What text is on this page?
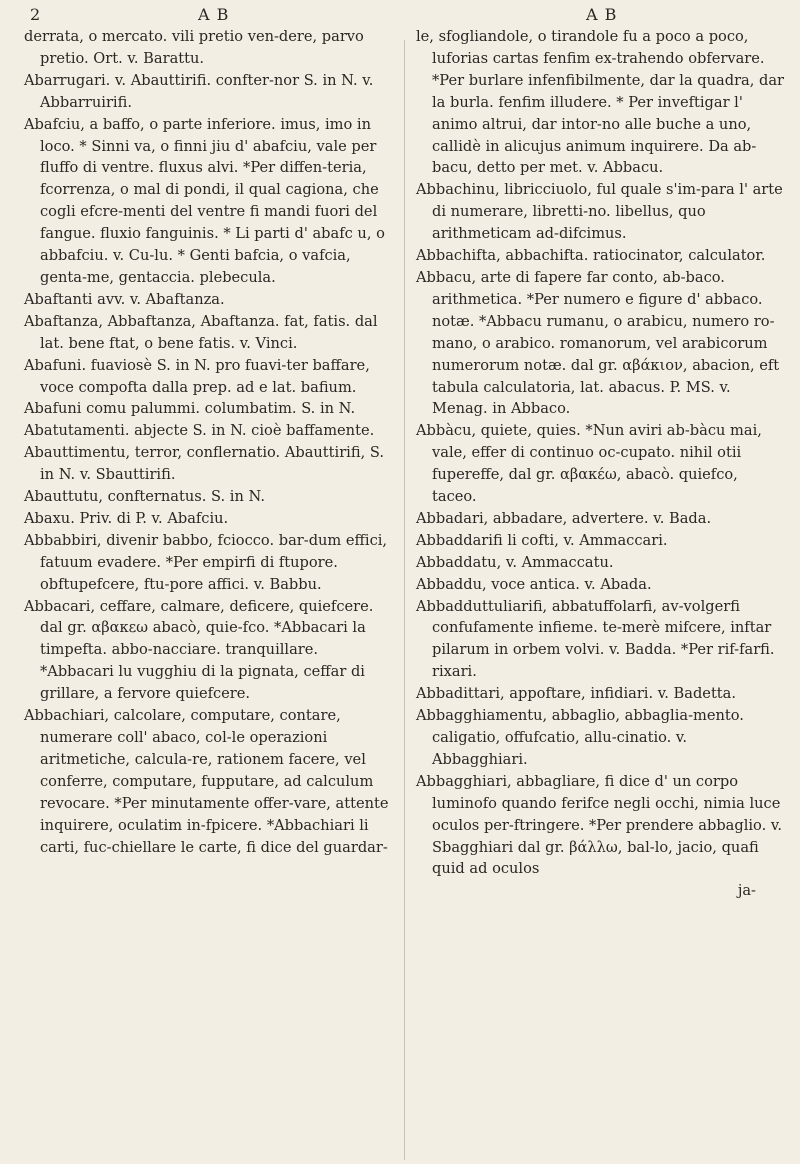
2	A B	A B

derrata, o mercato. vili pretio ven-dere, parvo pretio. Ort. v. Barattu.

Abarrugari. v. Abauttirifi. confter-nor S. in N. v. Abbarruirifi.

Abafciu, a baffo, o parte inferiore. imus, imo in loco. * Sinni va, o finni jiu d' abafciu, vale per fluffo di ventre. fluxus alvi. *Per diffen-teria, fcorrenza, o mal di pondi, il qual cagiona, che cogli efcre-menti del ventre fi mandi fuori del fangue. fluxio fanguinis. * Li parti d' abafc u, o abbafciu. v. Cu-lu. * Genti bafcia, o vafcia, genta-me, gentaccia. plebecula.

Abaftanti avv. v. Abaftanza.

Abaftanza, Abbaftanza, Abaftanza. fat, fatis. dal lat. bene ftat, o bene fatis. v. Vinci.

Abafuni. fuaviosè S. in N. pro fuavi-ter baffare, voce compofta dalla prep. ad e lat. bafium.

Abafuni comu palummi. columbatim. S. in N.

Abatutamenti. abjecte S. in N. cioè baffamente.

Abauttimentu, terror, conflernatio. Abauttirifi, S. in N. v. Sbauttirifi.

Abauttutu, confternatus. S. in N.

Abaxu. Priv. di P. v. Abafciu.

Abbabbiri, divenir babbo, fciocco. bar-dum effici, fatuum evadere. *Per empirfi di ftupore. obftupefcere, ftu-pore affici. v. Babbu.

Abbacari, ceffare, calmare, deficere, quiefcere. dal gr. αβακεω abacò, quie-fco. *Abbacari la timpefta. abbo-nacciare. tranquillare. *Abbacari lu vugghiu di la pignata, ceffar di grillare, a fervore quiefcere.

Abbachiari, calcolare, computare, contare, numerare coll' abaco, col-le operazioni aritmetiche, calcula-re, rationem facere, vel conferre, computare, fupputare, ad calculum revocare. *Per minutamente offer-vare, attente inquirere, oculatim in-fpicere. *Abbachiari li carti, fuc-chiellare le carte, fi dice del guardar-

le, sfogliandole, o tirandole fu a poco a poco, luforias cartas fenfim ex-trahendo obfervare. *Per burlare infenfibilmente, dar la quadra, dar la burla. fenfim illudere. * Per inveftigar l' animo altrui, dar intor-no alle buche a uno, callidè in alicujus animum inquirere. Da ab-bacu, detto per met. v. Abbacu.

Abbachinu, libricciuolo, ful quale s'im-para l' arte di numerare, libretti-no. libellus, quo arithmeticam ad-difcimus.

Abbachifta, abbachifta. ratiocinator, calculator.

Abbacu, arte di fapere far conto, ab-baco. arithmetica. *Per numero e figure d' abbaco. notæ. *Abbacu rumanu, o arabicu, numero ro-mano, o arabico. romanorum, vel arabicorum numerorum notæ. dal gr. αβάκιον, abacion, eft tabula calculatoria, lat. abacus. P. MS. v. Menag. in Abbaco.

Abbàcu, quiete, quies. *Nun aviri ab-bàcu mai, vale, effer di continuo oc-cupato. nihil otii fupereffe, dal gr. αβακέω, abacò. quiefco, taceo.

Abbadari, abbadare, advertere. v. Bada.

Abbaddarifi li cofti, v. Ammaccari.

Abbaddatu, v. Ammaccatu.

Abbaddu, voce antica. v. Abada.

Abbadduttuliarifi, abbatuffolarfi, av-volgerfi confufamente infieme. te-merè mifcere, inftar pilarum in orbem volvi. v. Badda. *Per rif-farfi. rixari.

Abbadittari, appoftare, infidiari. v. Badetta.

Abbagghiamentu, abbaglio, abbaglia-mento. caligatio, offufcatio, allu-cinatio. v. Abbagghiari.

Abbagghiari, abbagliare, fi dice d' un corpo luminofo quando ferifce negli occhi, nimia luce oculos per-ftringere. *Per prendere abbaglio. v. Sbagghiari dal gr. βάλλω, bal-lo, jacio, quafi quid ad oculos

ja-
